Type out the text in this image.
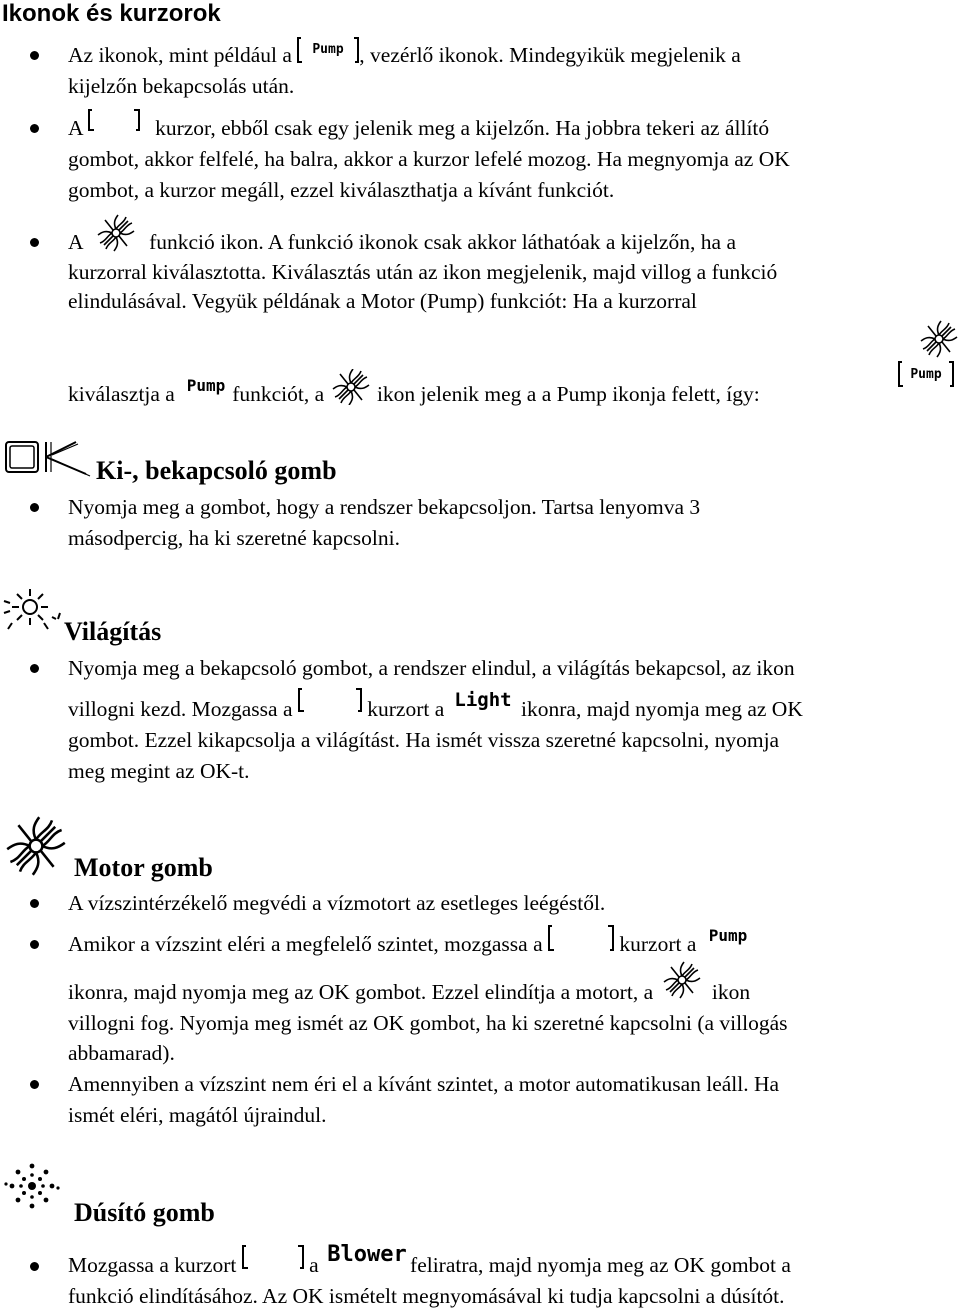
Ikonok és kurzorok
Az ikonok, mint például a Pump , vezérlő ikonok. Mindegyikük megjelenik a
kijelzőn bekapcsolás után.
A	kurzor, ebből csak egy jelenik meg a kijelzőn. Ha jobbra tekeri az állító
gombot, akkor felfelé, ha balra, akkor a kurzor lefelé mozog. Ha megnyomja az OK
gombot, a kurzor megáll, ezzel kiválaszthatja a kívánt funkciót.
A	funkció ikon. A funkció ikonok csak akkor láthatóak a kijelzőn, ha a
kurzorral kiválasztotta. Kiválasztás után az ikon megjelenik, majd villog a funkció
elindulásával. Vegyük példának a Motor (Pump) funkciót: Ha a kurzorral
kiválasztja a Pump funkciót, a ikon jelenik meg a a Pump ikonja felett, így:
Pump
Ki-, bekapcsoló gomb
Nyomja meg a gombot, hogy a rendszer bekapcsoljon. Tartsa lenyomva 3
másodpercig, ha ki szeretné kapcsolni.
Világítás
Nyomja meg a bekapcsoló gombot, a rendszer elindul, a világítás bekapcsol, az ikon
villogni kezd. Mozgassa a	kurzort a Light ikonra, majd nyomja meg az OK
gombot. Ezzel kikapcsolja a világítást. Ha ismét vissza szeretné kapcsolni, nyomja
meg megint az OK-t.
Motor gomb
A vízszintérzékelő megvédi a vízmotort az esetleges leégéstől.
Amikor a vízszint eléri a megfelelő szintet, mozgassa a	kurzort a Pump
ikonra, majd nyomja meg az OK gombot. Ezzel elindítja a motort, a	ikon
villogni fog. Nyomja meg ismét az OK gombot, ha ki szeretné kapcsolni (a villogás
abbamarad).
Amennyiben a vízszint nem éri el a kívánt szintet, a motor automatikusan leáll. Ha
ismét eléri, magától újraindul.
Dúsító gomb
Mozgassa a kurzort	a Blower feliratra, majd nyomja meg az OK gombot a
funkció elindításához. Az OK ismételt megnyomásával ki tudja kapcsolni a dúsítót.
